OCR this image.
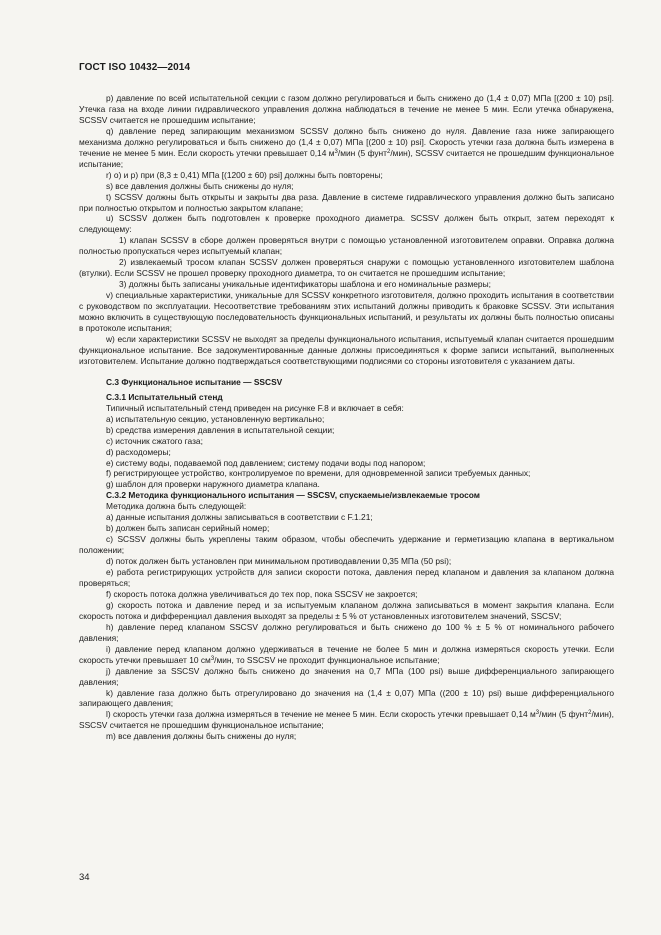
ГОСТ ISO 10432—2014

р) давление по всей испытательной секции с газом должно регулироваться и быть снижено до (1,4 ± 0,07) МПа [(200 ± 10) psi]. Утечка газа на входе линии гидравлического управления должна наблюдаться в течение не менее 5 мин. Если утечка обнаружена, SCSSV считается не прошедшим испытание;

q) давление перед запирающим механизмом SCSSV должно быть снижено до нуля. Давление газа ниже запирающего механизма должно регулироваться и быть снижено до (1,4 ± 0,07) МПа [(200 ± 10) psi]. Скорость утечки газа должна быть измерена в течение не менее 5 мин. Если скорость утечки превышает 0,14 $м^3$/мин (5 фунт$^2$/мин), SCSSV считается не прошедшим функциональное испытание;

r) о) и р) при (8,3 ± 0,41) МПа [(1200 ± 60) psi] должны быть повторены;

s) все давления должны быть снижены до нуля;

t) SCSSV должны быть открыты и закрыты два раза. Давление в системе гидравлического управления должно быть записано при полностью открытом и полностью закрытом клапане;

u) SCSSV должен быть подготовлен к проверке проходного диаметра. SCSSV должен быть открыт, затем переходят к следующему:

1) клапан SCSSV в сборе должен проверяться внутри с помощью установленной изготовителем оправки. Оправка должна полностью пропускаться через испытуемый клапан;

2) извлекаемый тросом клапан SCSSV должен проверяться снаружи с помощью установленного изготовителем шаблона (втулки). Если SCSSV не прошел проверку проходного диаметра, то он считается не прошедшим испытание;

3) должны быть записаны уникальные идентификаторы шаблона и его номинальные размеры;

v) специальные характеристики, уникальные для SCSSV конкретного изготовителя, должно проходить испытания в соответствии с руководством по эксплуатации. Несоответствие требованиям этих испытаний должны приводить к браковке SCSSV. Эти испытания можно включить в существующую последовательность функциональных испытаний, и результаты их должны быть полностью описаны в протоколе испытания;

w) если характеристики SCSSV не выходят за пределы функционального испытания, испытуемый клапан считается прошедшим функциональное испытание. Все задокументированные данные должны присоединяться к форме записи испытаний, выполненных изготовителем. Испытание должно подтверждаться соответствующими подписями со стороны изготовителя с указанием даты.

С.3 Функциональное испытание — SSCSV

С.3.1 Испытательный стенд

Типичный испытательный стенд приведен на рисунке F.8 и включает в себя:

а) испытательную секцию, установленную вертикально;

b) средства измерения давления в испытательной секции;

с) источник сжатого газа;

d) расходомеры;

е) систему воды, подаваемой под давлением; систему подачи воды под напором;

f) регистрирующее устройство, контролируемое по времени, для одновременной записи требуемых данных;

g) шаблон для проверки наружного диаметра клапана.

С.3.2 Методика функционального испытания — SSCSV, спускаемые/извлекаемые тросом

Методика должна быть следующей:

а) данные испытания должны записываться в соответствии с F.1.21;

b) должен быть записан серийный номер;

с) SCSSV должны быть укреплены таким образом, чтобы обеспечить удержание и герметизацию клапана в вертикальном положении;

d) поток должен быть установлен при минимальном противодавлении 0,35 МПа (50 psi);

е) работа регистрирующих устройств для записи скорости потока, давления перед клапаном и давления за клапаном должна проверяться;

f) скорость потока должна увеличиваться до тех пор, пока SSCSV не закроется;

g) скорость потока и давление перед и за испытуемым клапаном должна записываться в момент закрытия клапана. Если скорость потока и дифференциал давления выходят за пределы ± 5 % от установленных изготовителем значений, SSCSV;

h) давление перед клапаном SSCSV должно регулироваться и быть снижено до 100 % ± 5 % от номинального рабочего давления;

i) давление перед клапаном должно удерживаться в течение не более 5 мин и должна измеряться скорость утечки. Если скорость утечки превышает 10 $см^3$/мин, то SSCSV не проходит функциональное испытание;

j) давление за SSCSV должно быть снижено до значения на 0,7 МПа (100 psi) выше дифференциального запирающего давления;

k) давление газа должно быть отрегулировано до значения на (1,4 ± 0,07) МПа ((200 ± 10) psi) выше дифференциального запирающего давления;

l) скорость утечки газа должна измеряться в течение не менее 5 мин. Если скорость утечки превышает 0,14 $м^3$/мин (5 фунт$^2$/мин), SSCSV считается не прошедшим функциональное испытание;

m) все давления должны быть снижены до нуля;

34
